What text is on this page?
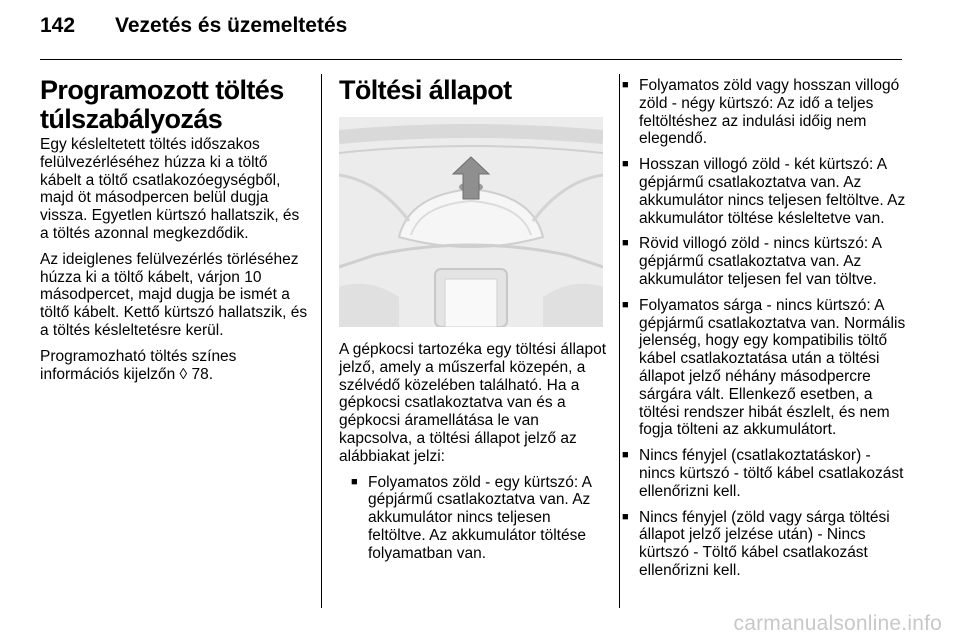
142 Vezetés és üzemeltetés
Programozott töltés túlszabályozás

Egy késleltetett töltés időszakos felülvezérléséhez húzza ki a töltő kábelt a töltő csatlakozóegységből, majd öt másodpercen belül dugja vissza. Egyetlen kürtszó hallatszik, és a töltés azonnal megkezdődik.

Az ideiglenes felülvezérlés törléséhez húzza ki a töltő kábelt, várjon 10 másodpercet, majd dugja be ismét a töltő kábelt. Kettő kürtszó hallatszik, és a töltés késleltetésre kerül.

Programozható töltés színes információs kijelzőn ◊ 78.

Töltési állapot

A gépkocsi tartozéka egy töltési állapot jelző, amely a műszerfal közepén, a szélvédő közelében található. Ha a gépkocsi csatlakoztatva van és a gépkocsi áramellátása le van kapcsolva, a töltési állapot jelző az alábbiakat jelzi:

■ Folyamatos zöld - egy kürtszó: A gépjármű csatlakoztatva van. Az akkumulátor nincs teljesen feltöltve. Az akkumulátor töltése folyamatban van.
■ Folyamatos zöld vagy hosszan villogó zöld - négy kürtszó: Az idő a teljes feltöltéshez az indulási időig nem elegendő.
■ Hosszan villogó zöld - két kürtszó: A gépjármű csatlakoztatva van. Az akkumulátor nincs teljesen feltöltve. Az akkumulátor töltése késleltetve van.
■ Rövid villogó zöld - nincs kürtszó: A gépjármű csatlakoztatva van. Az akkumulátor teljesen fel van töltve.
■ Folyamatos sárga - nincs kürtszó: A gépjármű csatlakoztatva van. Normális jelenség, hogy egy kompatibilis töltő kábel csatlakoztatása után a töltési állapot jelző néhány másodpercre sárgára vált. Ellenkező esetben, a töltési rendszer hibát észlelt, és nem fogja tölteni az akkumulátort.
■ Nincs fényjel (csatlakoztatáskor) - nincs kürtszó - töltő kábel csatlakozást ellenőrizni kell.
■ Nincs fényjel (zöld vagy sárga töltési állapot jelző jelzése után) - Nincs kürtszó - Töltő kábel csatlakozást ellenőrizni kell.
carmanualsonline.info
